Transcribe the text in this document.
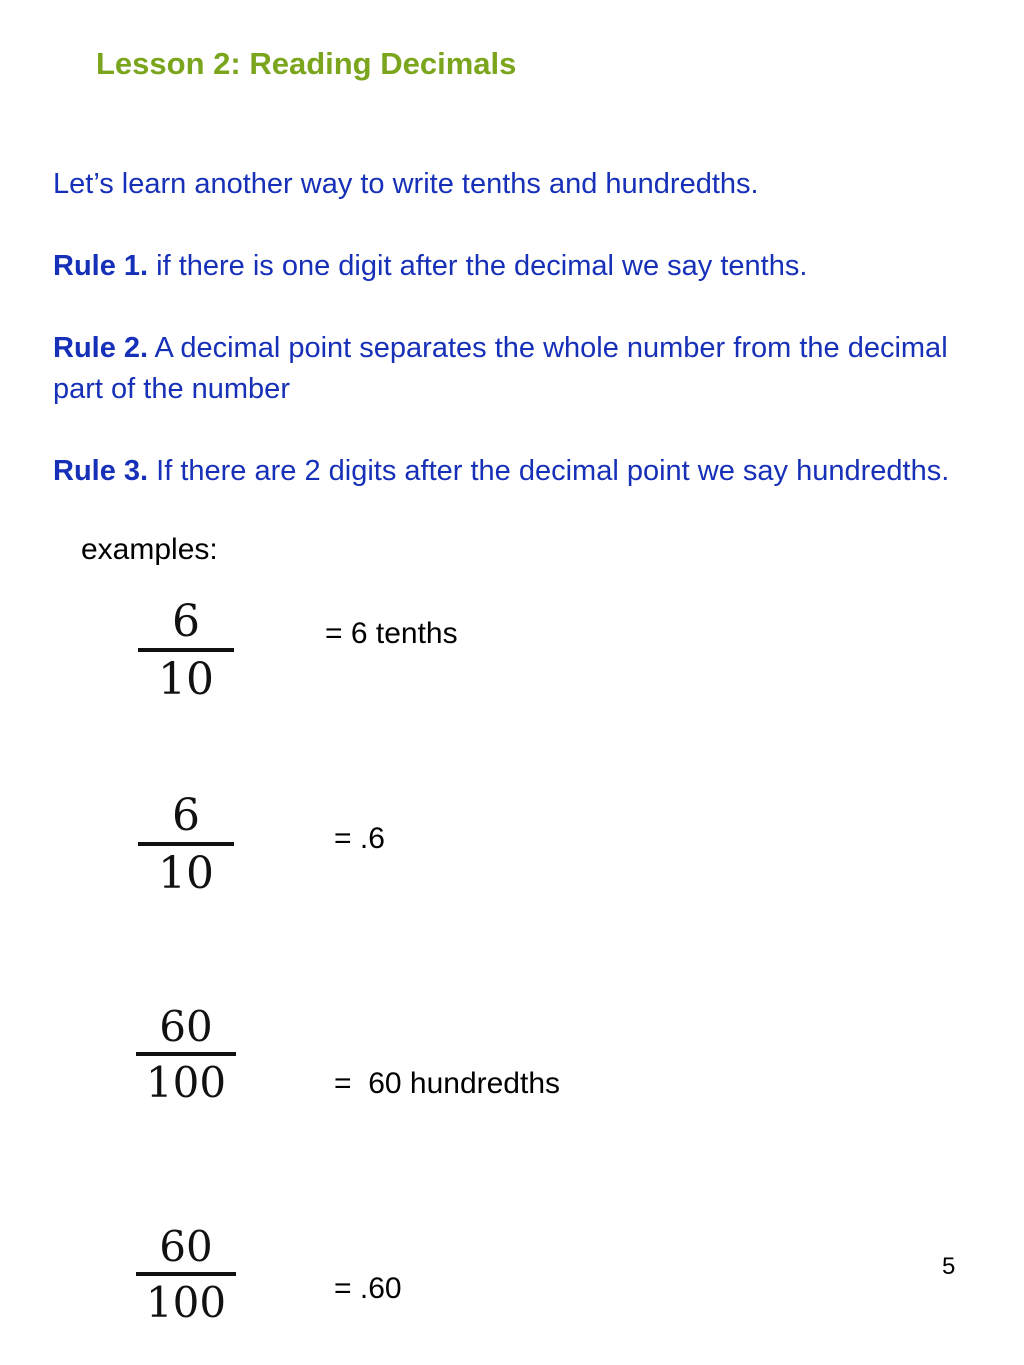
Lesson 2: Reading Decimals
Let’s learn another way to write tenths and hundredths.
Rule 1. if there is one digit after the decimal we say tenths.
Rule 2. A decimal point separates the whole number from the decimal part of the number
Rule 3. If there are 2 digits after the decimal point we say hundredths.
examples:
6
10
= 6 tenths
6
10
= .6
60
100	=  60 hundredths
60
100	= .60
5
